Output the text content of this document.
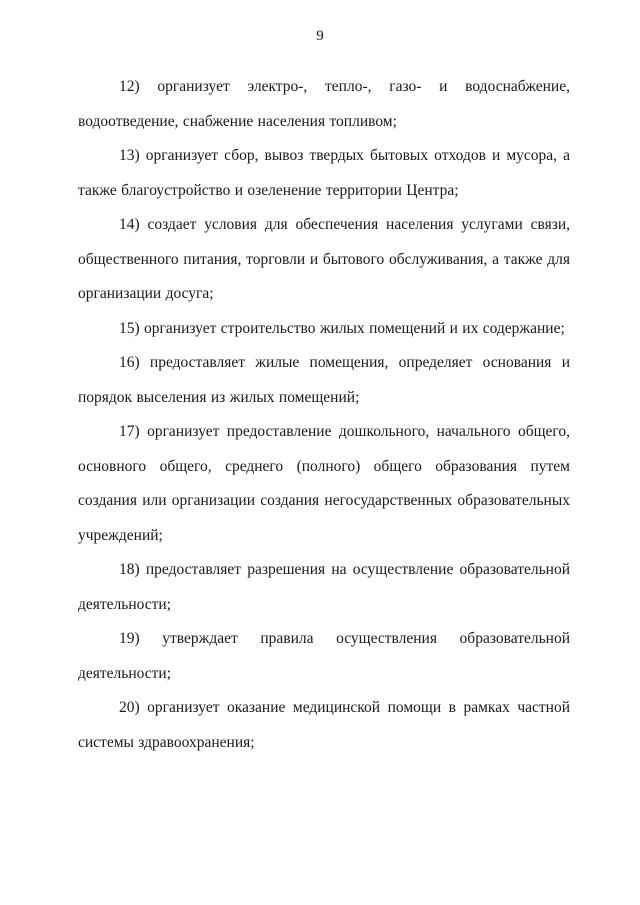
9

12) организует электро-, тепло-, газо- и водоснабжение, водоотведение, снабжение населения топливом;

13) организует сбор, вывоз твердых бытовых отходов и мусора, а также благоустройство и озеленение территории Центра;

14) создает условия для обеспечения населения услугами связи, общественного питания, торговли и бытового обслуживания, а также для организации досуга;

15) организует строительство жилых помещений и их содержание;

16) предоставляет жилые помещения, определяет основания и порядок выселения из жилых помещений;

17) организует предоставление дошкольного, начального общего, основного общего, среднего (полного) общего образования путем создания или организации создания негосударственных образовательных учреждений;

18) предоставляет разрешения на осуществление образовательной деятельности;

19) утверждает правила осуществления образовательной деятельности;

20) организует оказание медицинской помощи в рамках частной системы здравоохранения;
